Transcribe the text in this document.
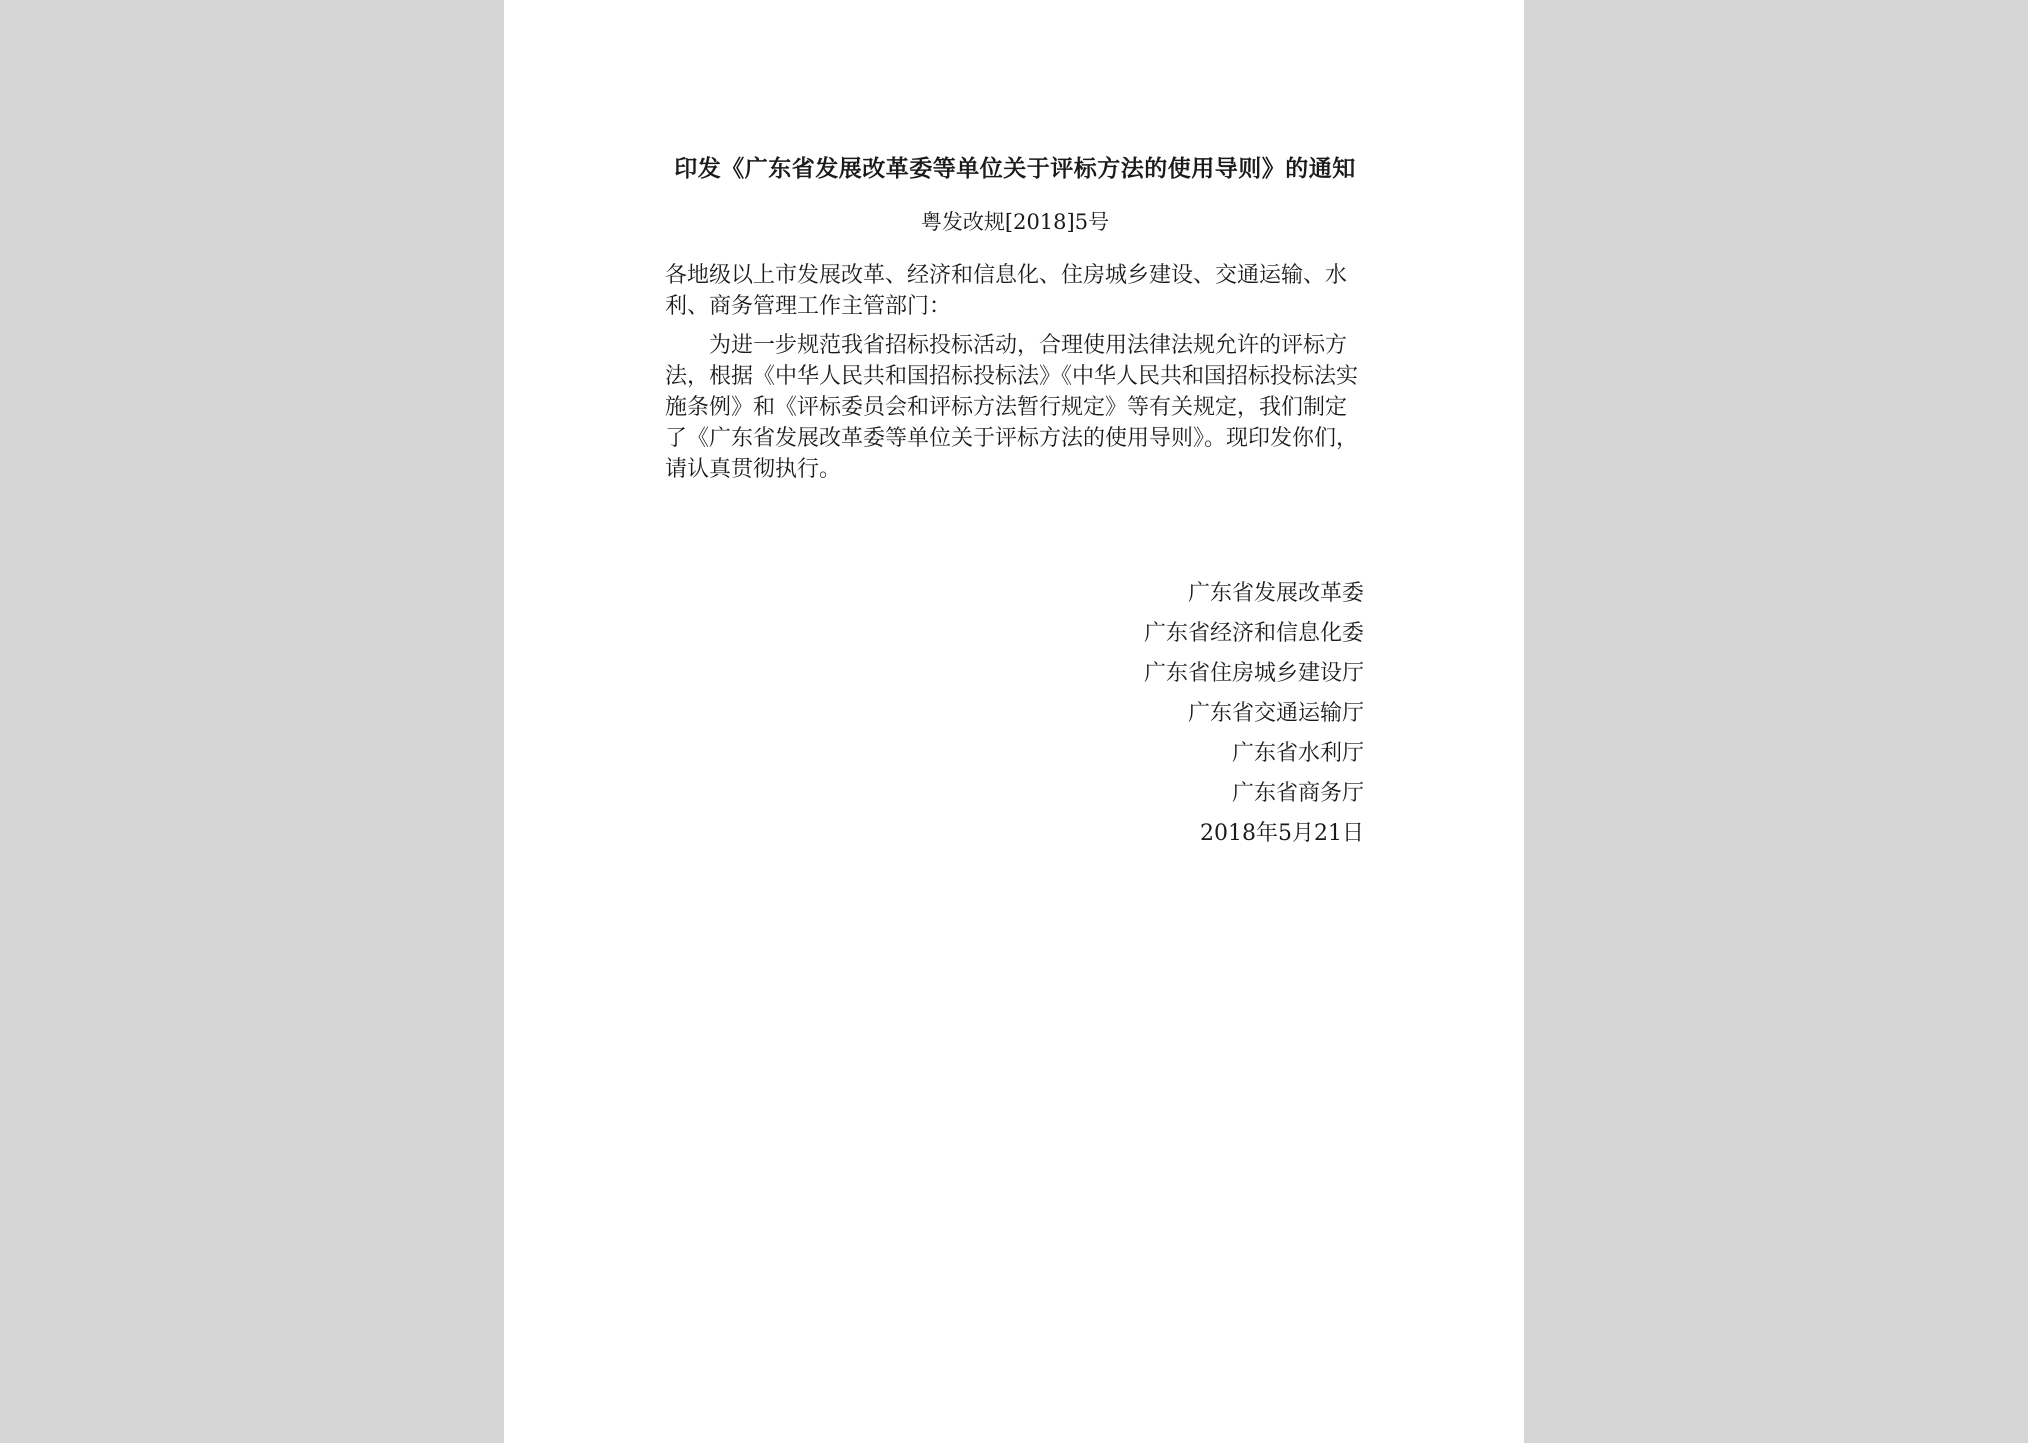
印发《广东省发展改革委等单位关于评标方法的使用导则》的通知
粤发改规[2018]5号
各地级以上市发展改革、经济和信息化、住房城乡建设、交通运输、水利、商务管理工作主管部门：
为进一步规范我省招标投标活动，合理使用法律法规允许的评标方法，根据《中华人民共和国招标投标法》《中华人民共和国招标投标法实施条例》和《评标委员会和评标方法暂行规定》等有关规定，我们制定了《广东省发展改革委等单位关于评标方法的使用导则》。现印发你们，请认真贯彻执行。
广东省发展改革委
广东省经济和信息化委
广东省住房城乡建设厅
广东省交通运输厅
广东省水利厅
广东省商务厅
2018年5月21日
